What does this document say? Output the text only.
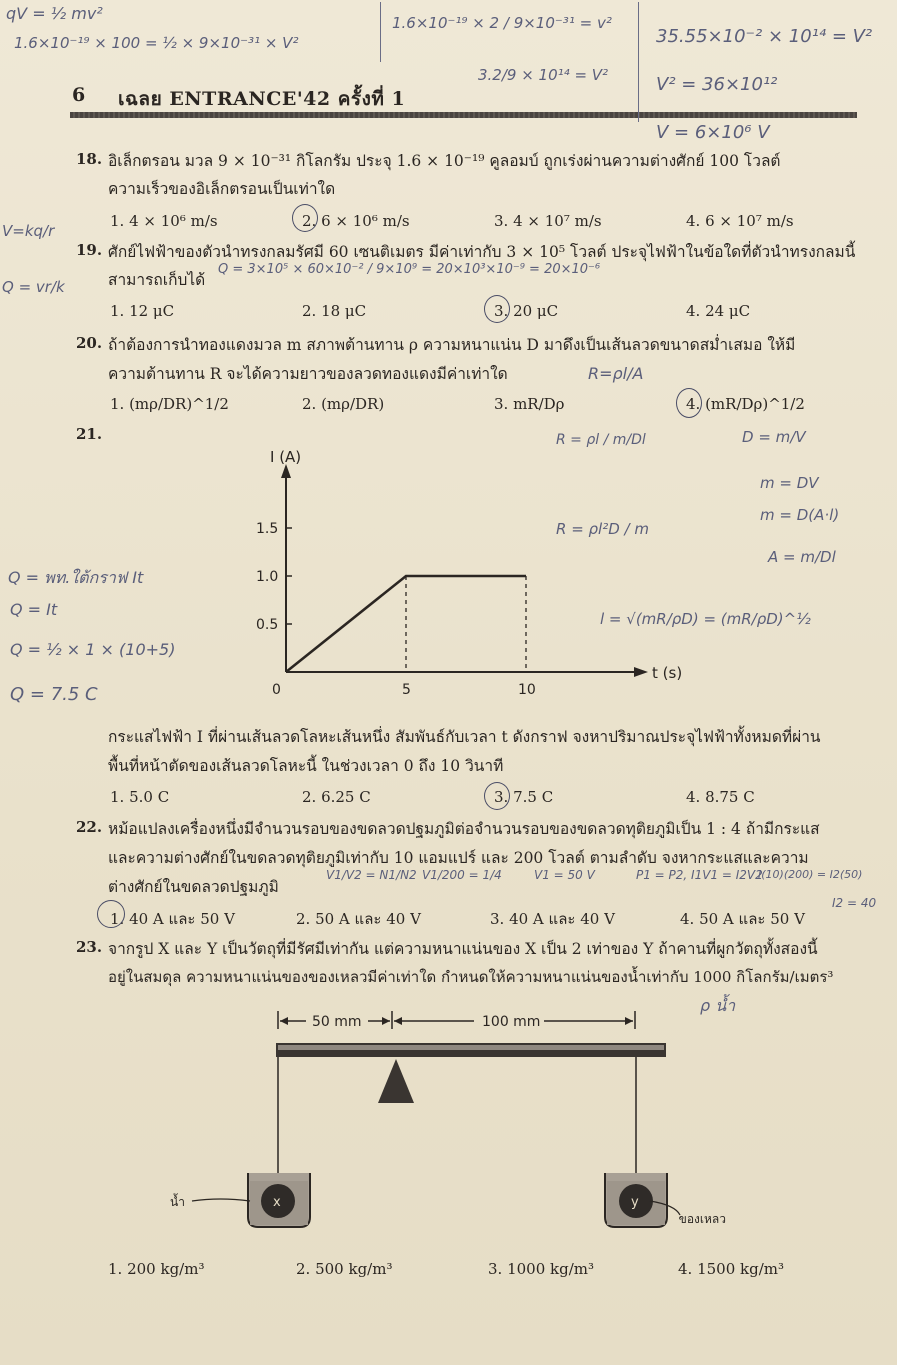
6 เฉลย ENTRANCE'42 ครั้งที่ 1
qV = ½ mv²
1.6×10⁻¹⁹ × 100 = ½ × 9×10⁻³¹ × V²
1.6×10⁻¹⁹ × 2 / 9×10⁻³¹ = v²
3.2/9 × 10¹⁴ = V²
35.55×10⁻² × 10¹⁴ = V²
V² = 36×10¹²
V = 6×10⁶ V
18. อิเล็กตรอน มวล 9 × 10⁻³¹ กิโลกรัม ประจุ 1.6 × 10⁻¹⁹ คูลอมบ์ ถูกเร่งผ่านความต่างศักย์ 100 โวลต์
ความเร็วของอิเล็กตรอนเป็นเท่าใด
1. 4 × 10⁶ m/s	2. 6 × 10⁶ m/s	3. 4 × 10⁷ m/s	4. 6 × 10⁷ m/s
V=kq/r
Q = vr/k
19. ศักย์ไฟฟ้าของตัวนำทรงกลมรัศมี 60 เซนติเมตร มีค่าเท่ากับ 3 × 10⁵ โวลต์ ประจุไฟฟ้าในข้อใดที่ตัวนำทรงกลมนี้
สามารถเก็บได้
Q = 3×10⁵ × 60×10⁻² / 9×10⁹ = 20×10³×10⁻⁹ = 20×10⁻⁶
1. 12 μC	2. 18 μC	3. 20 μC	4. 24 μC
20. ถ้าต้องการนำทองแดงมวล m สภาพต้านทาน ρ ความหนาแน่น D มาดึงเป็นเส้นลวดขนาดสม่ำเสมอ ให้มี
ความต้านทาน R จะได้ความยาวของลวดทองแดงมีค่าเท่าใด	R=ρl/A
1. (mρ/DR)^1/2	2. (mρ/DR)	3. mR/Dρ	4. (mR/Dρ)^1/2
R = ρl / m/Dl	D = m/V
m = DV
m = D(A·l)
A = m/Dl
R = ρl²D / m
l = √(mR/ρD) = (mR/ρD)^½
21.
I (A)
t (s)
1.5
1.0
0.5
0	5	10
Q = พท.ใต้กราฟ It
Q = It
Q = ½ × 1 × (10+5)
Q = 7.5 C
กระแสไฟฟ้า I ที่ผ่านเส้นลวดโลหะเส้นหนึ่ง สัมพันธ์กับเวลา t ดังกราฟ จงหาปริมาณประจุไฟฟ้าทั้งหมดที่ผ่าน
พื้นที่หน้าตัดของเส้นลวดโลหะนี้ ในช่วงเวลา 0 ถึง 10 วินาที
1. 5.0 C	2. 6.25 C	3. 7.5 C	4. 8.75 C
22. หม้อแปลงเครื่องหนึ่งมีจำนวนรอบของขดลวดปฐมภูมิต่อจำนวนรอบของขดลวดทุติยภูมิเป็น 1 : 4 ถ้ามีกระแส
และความต่างศักย์ในขดลวดทุติยภูมิเท่ากับ 10 แอมแปร์ และ 200 โวลต์ ตามลำดับ จงหากระแสและความ
ต่างศักย์ในขดลวดปฐมภูมิ
V1/V2 = N1/N2 V1/200 = 1/4	V1 = 50 V	P1 = P2, I1V1 = I2V2
I(10)(200) = I2(50)
I2 = 40
1. 40 A และ 50 V	2. 50 A และ 40 V	3. 40 A และ 40 V	4. 50 A และ 50 V
23. จากรูป X และ Y เป็นวัตถุที่มีรัศมีเท่ากัน แต่ความหนาแน่นของ X เป็น 2 เท่าของ Y ถ้าคานที่ผูกวัตถุทั้งสองนี้
อยู่ในสมดุล ความหนาแน่นของของเหลวมีค่าเท่าใด กำหนดให้ความหนาแน่นของน้ำเท่ากับ 1000 กิโลกรัม/เมตร³
ρ น้ำ
50 mm	100 mm
x	y
น้ำ
ของเหลว
1. 200 kg/m³	2. 500 kg/m³	3. 1000 kg/m³	4. 1500 kg/m³
